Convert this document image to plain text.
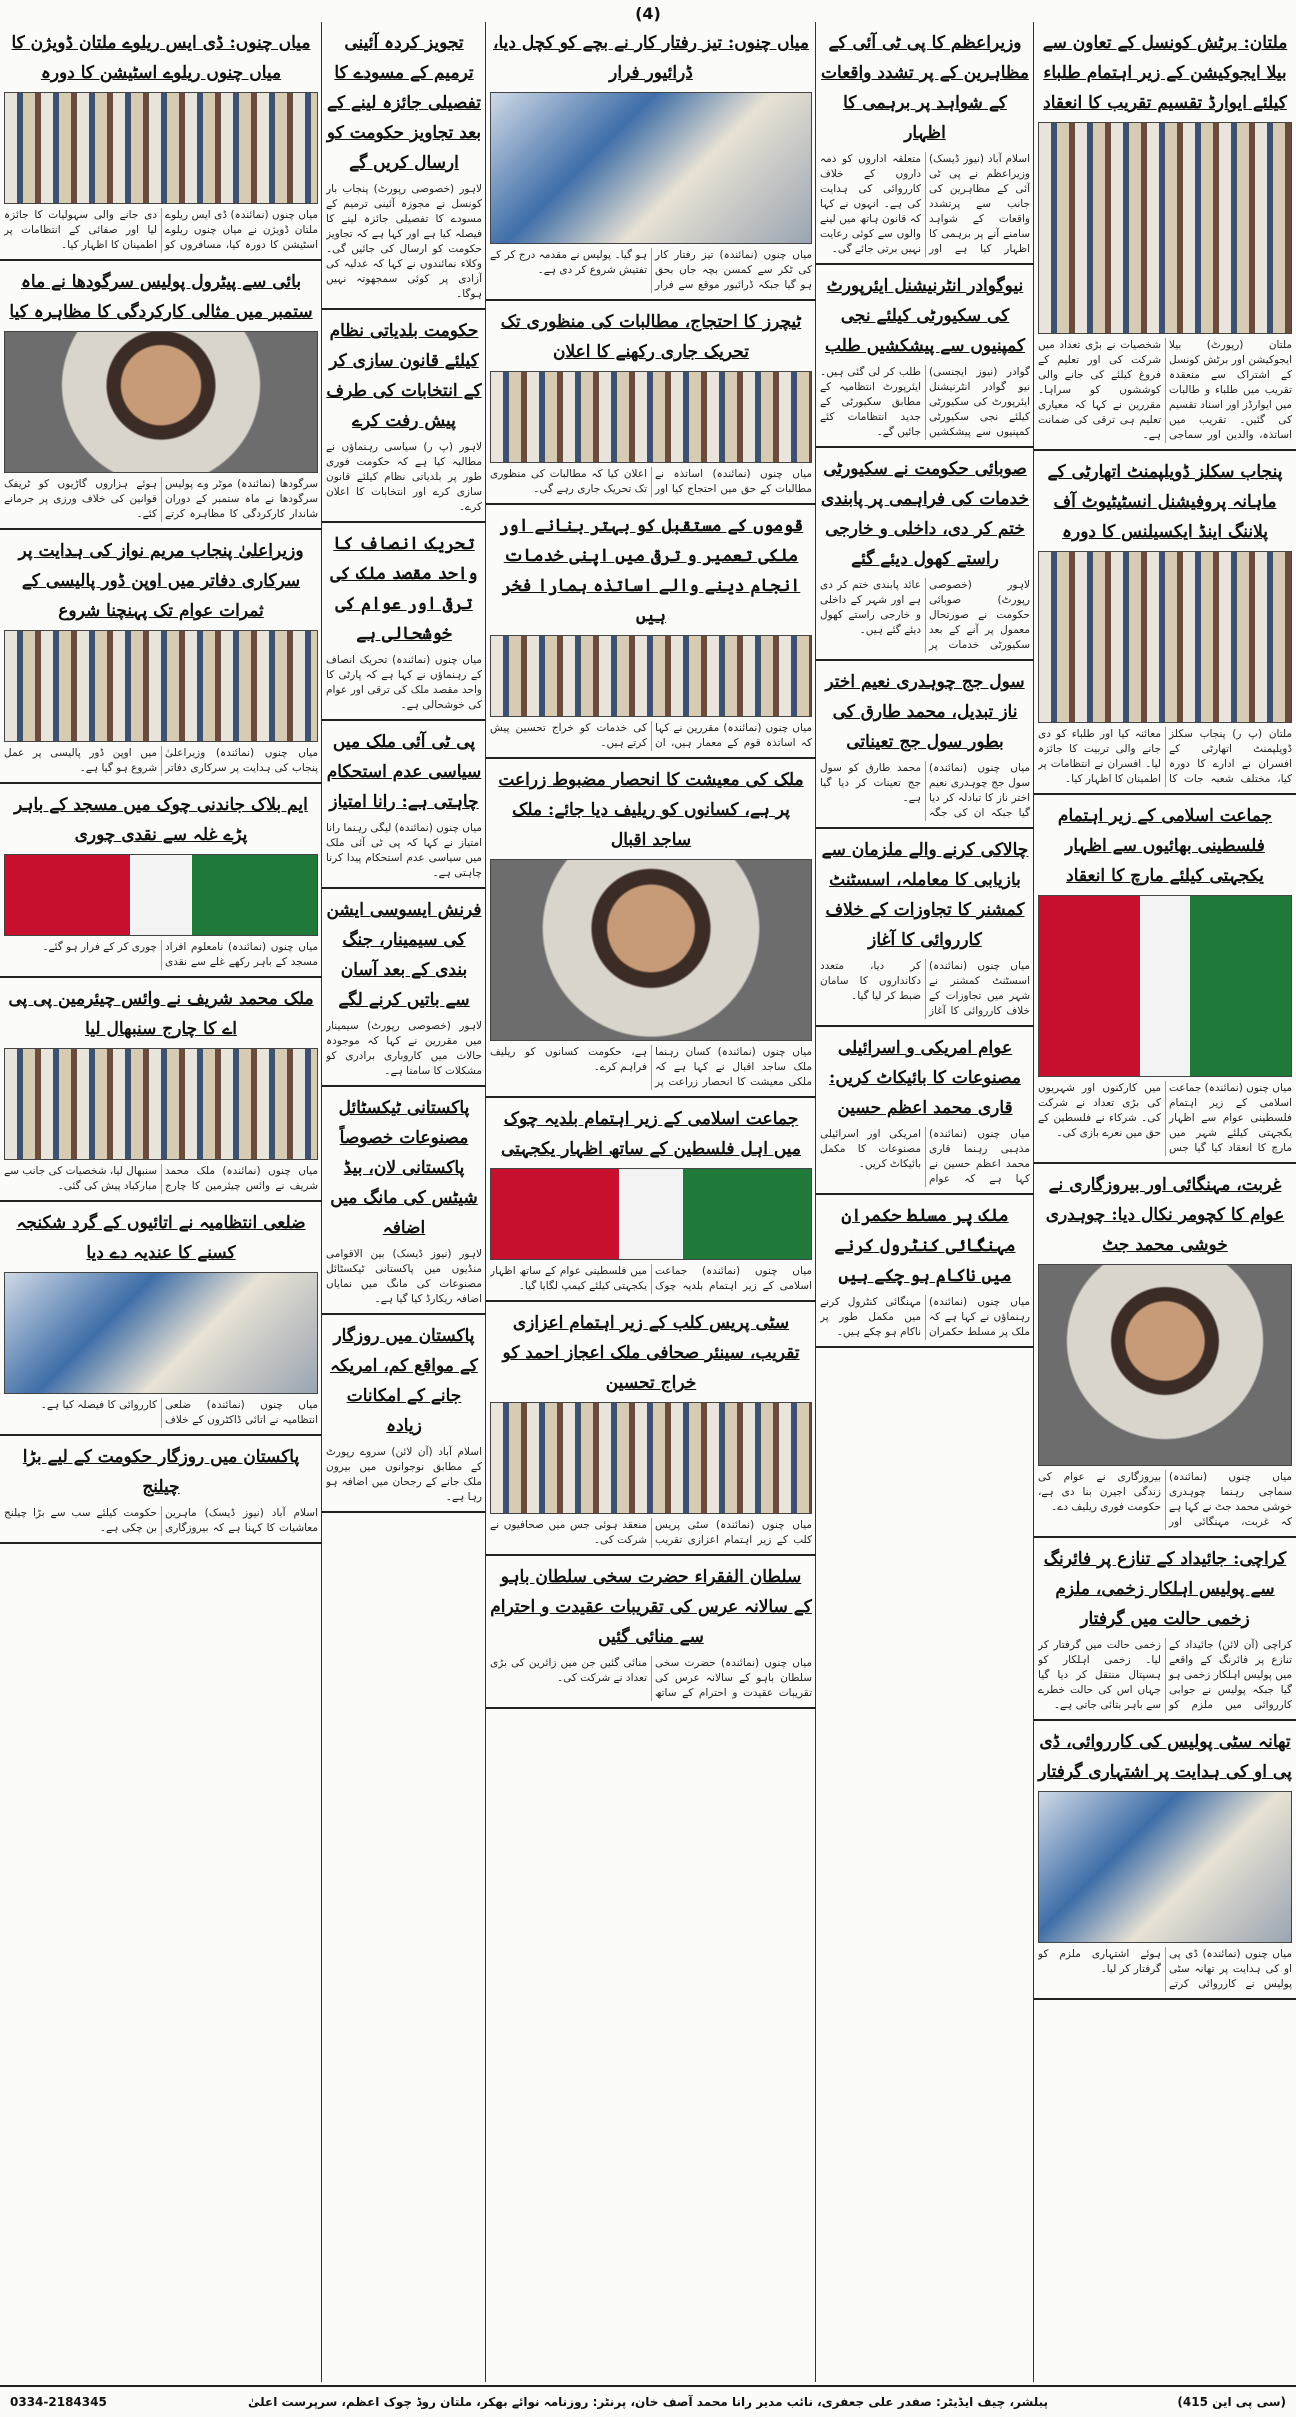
(4)
ملتان: برٹش کونسل کے تعاون سے بیلا ایجوکیشن کے زیر اہتمام طلباء کیلئے ایوارڈ تقسیم تقریب کا انعقاد
ملتان (رپورٹ) بیلا ایجوکیشن اور برٹش کونسل کے اشتراک سے منعقدہ تقریب میں طلباء و طالبات میں ایوارڈز اور اسناد تقسیم کی گئیں۔ تقریب میں اساتذہ، والدین اور سماجی شخصیات نے بڑی تعداد میں شرکت کی اور تعلیم کے فروغ کیلئے کی جانے والی کوششوں کو سراہا۔ مقررین نے کہا کہ معیاری تعلیم ہی ترقی کی ضمانت ہے۔
پنجاب سکلز ڈویلپمنٹ اتھارٹی کے ماہانہ پروفیشنل انسٹیٹیوٹ آف پلاننگ اینڈ ایکسیلنس کا دورہ
ملتان (پ ر) پنجاب سکلز ڈویلپمنٹ اتھارٹی کے افسران نے ادارے کا دورہ کیا، مختلف شعبہ جات کا معائنہ کیا اور طلباء کو دی جانے والی تربیت کا جائزہ لیا۔ افسران نے انتظامات پر اطمینان کا اظہار کیا۔
جماعت اسلامی کے زیر اہتمام فلسطینی بھائیوں سے اظہار یکجہتی کیلئے مارچ کا انعقاد
میاں چنوں (نمائندہ) جماعت اسلامی کے زیر اہتمام فلسطینی عوام سے اظہار یکجہتی کیلئے شہر میں مارچ کا انعقاد کیا گیا جس میں کارکنوں اور شہریوں کی بڑی تعداد نے شرکت کی۔ شرکاء نے فلسطین کے حق میں نعرے بازی کی۔
غربت، مہنگائی اور بیروزگاری نے عوام کا کچومر نکال دیا: چوہدری خوشی محمد جٹ
میاں چنوں (نمائندہ) سماجی رہنما چوہدری خوشی محمد جٹ نے کہا ہے کہ غربت، مہنگائی اور بیروزگاری نے عوام کی زندگی اجیرن بنا دی ہے، حکومت فوری ریلیف دے۔
کراچی: جائیداد کے تنازع پر فائرنگ سے پولیس اہلکار زخمی، ملزم زخمی حالت میں گرفتار
کراچی (آن لائن) جائیداد کے تنازع پر فائرنگ کے واقعے میں پولیس اہلکار زخمی ہو گیا جبکہ پولیس نے جوابی کارروائی میں ملزم کو زخمی حالت میں گرفتار کر لیا۔ زخمی اہلکار کو ہسپتال منتقل کر دیا گیا جہاں اس کی حالت خطرے سے باہر بتائی جاتی ہے۔
تھانہ سٹی پولیس کی کارروائی، ڈی پی او کی ہدایت پر اشتہاری گرفتار
میاں چنوں (نمائندہ) ڈی پی او کی ہدایت پر تھانہ سٹی پولیس نے کارروائی کرتے ہوئے اشتہاری ملزم کو گرفتار کر لیا۔
وزیراعظم کا پی ٹی آئی کے مظاہرین کے پر تشدد واقعات کے شواہد پر برہمی کا اظہار
اسلام آباد (نیوز ڈیسک) وزیراعظم نے پی ٹی آئی کے مظاہرین کی جانب سے پرتشدد واقعات کے شواہد سامنے آنے پر برہمی کا اظہار کیا ہے اور متعلقہ اداروں کو ذمہ داروں کے خلاف کارروائی کی ہدایت کی ہے۔ انہوں نے کہا کہ قانون ہاتھ میں لینے والوں سے کوئی رعایت نہیں برتی جائے گی۔
نیوگوادر انٹرنیشنل ایئرپورٹ کی سکیورٹی کیلئے نجی کمپنیوں سے پیشکشیں طلب
گوادر (نیوز ایجنسی) نیو گوادر انٹرنیشنل ایئرپورٹ کی سکیورٹی کیلئے نجی سکیورٹی کمپنیوں سے پیشکشیں طلب کر لی گئی ہیں۔ ایئرپورٹ انتظامیہ کے مطابق سکیورٹی کے جدید انتظامات کئے جائیں گے۔
صوبائی حکومت نے سکیورٹی خدمات کی فراہمی پر پابندی ختم کر دی، داخلی و خارجی راستے کھول دیئے گئے
لاہور (خصوصی رپورٹ) صوبائی حکومت نے صورتحال معمول پر آنے کے بعد سکیورٹی خدمات پر عائد پابندی ختم کر دی ہے اور شہر کے داخلی و خارجی راستے کھول دیئے گئے ہیں۔
سول جج چوہدری نعیم اختر ناز تبدیل، محمد طارق کی بطور سول جج تعیناتی
میاں چنوں (نمائندہ) سول جج چوہدری نعیم اختر ناز کا تبادلہ کر دیا گیا جبکہ ان کی جگہ محمد طارق کو سول جج تعینات کر دیا گیا ہے۔
چالاکی کرنے والے ملزمان سے بازیابی کا معاملہ، اسسٹنٹ کمشنر کا تجاوزات کے خلاف کارروائی کا آغاز
میاں چنوں (نمائندہ) اسسٹنٹ کمشنر نے شہر میں تجاوزات کے خلاف کارروائی کا آغاز کر دیا، متعدد دکانداروں کا سامان ضبط کر لیا گیا۔
عوام امریکی و اسرائیلی مصنوعات کا بائیکاٹ کریں: قاری محمد اعظم حسین
میاں چنوں (نمائندہ) مذہبی رہنما قاری محمد اعظم حسین نے کہا ہے کہ عوام امریکی اور اسرائیلی مصنوعات کا مکمل بائیکاٹ کریں۔
ملک پر مسلط حکمران مہنگائی کنٹرول کرنے میں ناکام ہو چکے ہیں
میاں چنوں (نمائندہ) رہنماؤں نے کہا ہے کہ ملک پر مسلط حکمران مہنگائی کنٹرول کرنے میں مکمل طور پر ناکام ہو چکے ہیں۔
میاں چنوں: تیز رفتار کار نے بچے کو کچل دیا، ڈرائیور فرار
میاں چنوں (نمائندہ) تیز رفتار کار کی ٹکر سے کمسن بچہ جاں بحق ہو گیا جبکہ ڈرائیور موقع سے فرار ہو گیا۔ پولیس نے مقدمہ درج کر کے تفتیش شروع کر دی ہے۔
ٹیچرز کا احتجاج، مطالبات کی منظوری تک تحریک جاری رکھنے کا اعلان
میاں چنوں (نمائندہ) اساتذہ نے مطالبات کے حق میں احتجاج کیا اور اعلان کیا کہ مطالبات کی منظوری تک تحریک جاری رہے گی۔
قوموں کے مستقبل کو بہتر بنانے اور ملکی تعمیر و ترقی میں اپنی خدمات انجام دینے والے اساتذہ ہمارا فخر ہیں
میاں چنوں (نمائندہ) مقررین نے کہا کہ اساتذہ قوم کے معمار ہیں، ان کی خدمات کو خراج تحسین پیش کرتے ہیں۔
ملک کی معیشت کا انحصار مضبوط زراعت پر ہے، کسانوں کو ریلیف دیا جائے: ملک ساجد اقبال
میاں چنوں (نمائندہ) کسان رہنما ملک ساجد اقبال نے کہا ہے کہ ملکی معیشت کا انحصار زراعت پر ہے، حکومت کسانوں کو ریلیف فراہم کرے۔
جماعت اسلامی کے زیر اہتمام بلدیہ چوک میں اہل فلسطین کے ساتھ اظہار یکجہتی
میاں چنوں (نمائندہ) جماعت اسلامی کے زیر اہتمام بلدیہ چوک میں فلسطینی عوام کے ساتھ اظہار یکجہتی کیلئے کیمپ لگایا گیا۔
سٹی پریس کلب کے زیر اہتمام اعزازی تقریب، سینئر صحافی ملک اعجاز احمد کو خراج تحسین
میاں چنوں (نمائندہ) سٹی پریس کلب کے زیر اہتمام اعزازی تقریب منعقد ہوئی جس میں صحافیوں نے شرکت کی۔
سلطان الفقراء حضرت سخی سلطان باہو کے سالانہ عرس کی تقریبات عقیدت و احترام سے منائی گئیں
میاں چنوں (نمائندہ) حضرت سخی سلطان باہو کے سالانہ عرس کی تقریبات عقیدت و احترام کے ساتھ منائی گئیں جن میں زائرین کی بڑی تعداد نے شرکت کی۔
تجویز کردہ آئینی ترمیم کے مسودے کا تفصیلی جائزہ لینے کے بعد تجاویز حکومت کو ارسال کریں گے
لاہور (خصوصی رپورٹ) پنجاب بار کونسل نے مجوزہ آئینی ترمیم کے مسودے کا تفصیلی جائزہ لینے کا فیصلہ کیا ہے اور کہا ہے کہ تجاویز حکومت کو ارسال کی جائیں گی۔ وکلاء نمائندوں نے کہا کہ عدلیہ کی آزادی پر کوئی سمجھوتہ نہیں ہوگا۔
حکومت بلدیاتی نظام کیلئے قانون سازی کر کے انتخابات کی طرف پیش رفت کرے
لاہور (پ ر) سیاسی رہنماؤں نے مطالبہ کیا ہے کہ حکومت فوری طور پر بلدیاتی نظام کیلئے قانون سازی کرے اور انتخابات کا اعلان کرے۔
تحریک انصاف کا واحد مقصد ملک کی ترقی اور عوام کی خوشحالی ہے
میاں چنوں (نمائندہ) تحریک انصاف کے رہنماؤں نے کہا ہے کہ پارٹی کا واحد مقصد ملک کی ترقی اور عوام کی خوشحالی ہے۔
پی ٹی آئی ملک میں سیاسی عدم استحکام چاہتی ہے: رانا امتیاز
میاں چنوں (نمائندہ) لیگی رہنما رانا امتیاز نے کہا کہ پی ٹی آئی ملک میں سیاسی عدم استحکام پیدا کرنا چاہتی ہے۔
فرنش ایسوسی ایشن کی سیمینار، جنگ بندی کے بعد آسان سے باتیں کرنے لگے
لاہور (خصوصی رپورٹ) سیمینار میں مقررین نے کہا کہ موجودہ حالات میں کاروباری برادری کو مشکلات کا سامنا ہے۔
پاکستانی ٹیکسٹائل مصنوعات خصوصاً پاکستانی لان، بیڈ شیٹس کی مانگ میں اضافہ
لاہور (نیوز ڈیسک) بین الاقوامی منڈیوں میں پاکستانی ٹیکسٹائل مصنوعات کی مانگ میں نمایاں اضافہ ریکارڈ کیا گیا ہے۔
پاکستان میں روزگار کے مواقع کم، امریکہ جانے کے امکانات زیادہ
اسلام آباد (آن لائن) سروے رپورٹ کے مطابق نوجوانوں میں بیرون ملک جانے کے رجحان میں اضافہ ہو رہا ہے۔
میاں چنوں: ڈی ایس ریلوے ملتان ڈویژن کا میاں چنوں ریلوے اسٹیشن کا دورہ
میاں چنوں (نمائندہ) ڈی ایس ریلوے ملتان ڈویژن نے میاں چنوں ریلوے اسٹیشن کا دورہ کیا، مسافروں کو دی جانے والی سہولیات کا جائزہ لیا اور صفائی کے انتظامات پر اطمینان کا اظہار کیا۔
بائی سے پیٹرول پولیس سرگودھا نے ماہ ستمبر میں مثالی کارکردگی کا مظاہرہ کیا
سرگودھا (نمائندہ) موٹر وے پولیس سرگودھا نے ماہ ستمبر کے دوران شاندار کارکردگی کا مظاہرہ کرتے ہوئے ہزاروں گاڑیوں کو ٹریفک قوانین کی خلاف ورزی پر جرمانے کئے۔
وزیراعلیٰ پنجاب مریم نواز کی ہدایت پر سرکاری دفاتر میں اوپن ڈور پالیسی کے ثمرات عوام تک پہنچنا شروع
میاں چنوں (نمائندہ) وزیراعلیٰ پنجاب کی ہدایت پر سرکاری دفاتر میں اوپن ڈور پالیسی پر عمل شروع ہو گیا ہے۔
ایم بلاک جاندنی چوک میں مسجد کے باہر پڑے غلہ سے نقدی چوری
میاں چنوں (نمائندہ) نامعلوم افراد مسجد کے باہر رکھے غلے سے نقدی چوری کر کے فرار ہو گئے۔
ملک محمد شریف نے وائس چیئرمین پی پی اے کا چارج سنبھال لیا
میاں چنوں (نمائندہ) ملک محمد شریف نے وائس چیئرمین کا چارج سنبھال لیا، شخصیات کی جانب سے مبارکباد پیش کی گئی۔
ضلعی انتظامیہ نے اتائیوں کے گرد شکنجہ کسنے کا عندیہ دے دیا
میاں چنوں (نمائندہ) ضلعی انتظامیہ نے اتائی ڈاکٹروں کے خلاف کارروائی کا فیصلہ کیا ہے۔
پاکستان میں روزگار حکومت کے لیے بڑا چیلنج
اسلام آباد (نیوز ڈیسک) ماہرین معاشیات کا کہنا ہے کہ بیروزگاری حکومت کیلئے سب سے بڑا چیلنج بن چکی ہے۔
(سی پی این 415)
پبلشر، چیف ایڈیٹر: صفدر علی جعفری، نائب مدیر رانا محمد آصف خان، پرنٹر: روزنامہ نوائے بھکر، ملتان روڈ چوک اعظم، سرپرست اعلیٰ
0334-2184345
